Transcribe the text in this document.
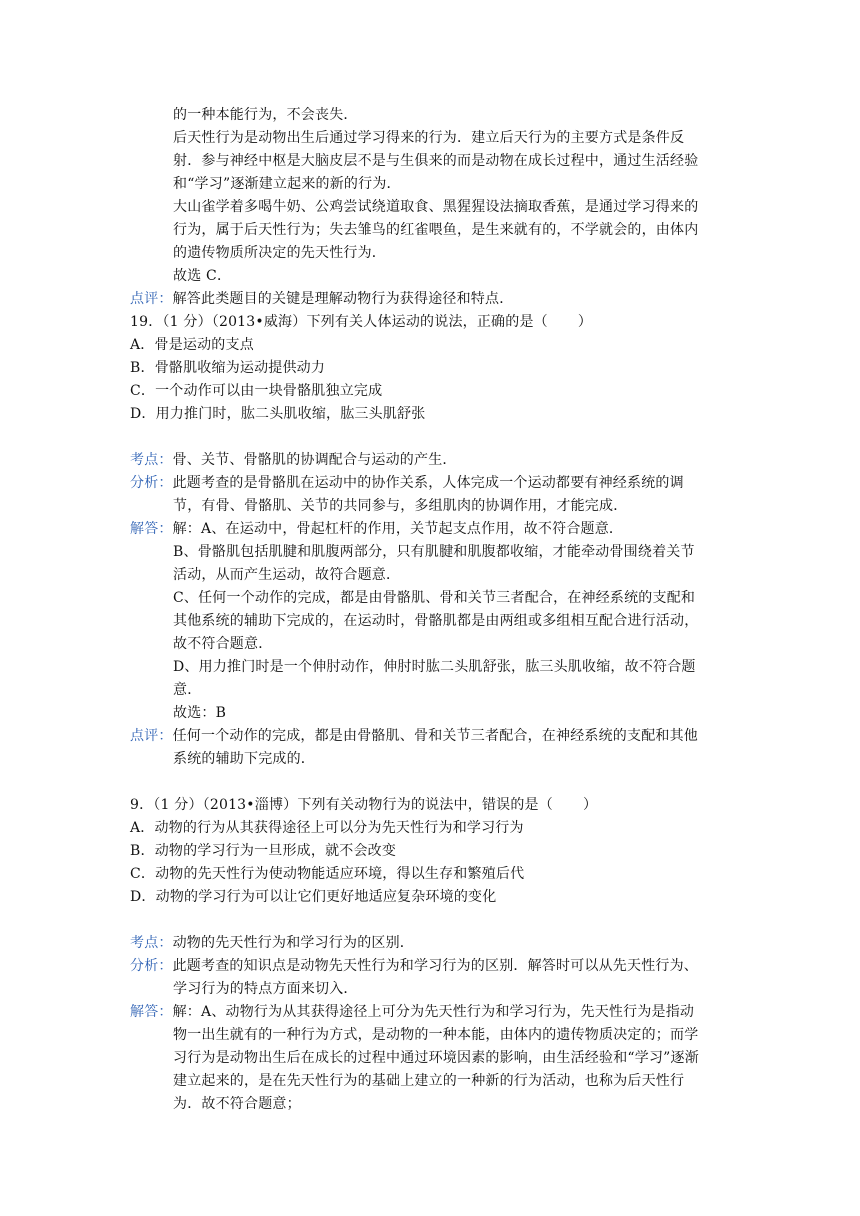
的一种本能行为，不会丧失．
后天性行为是动物出生后通过学习得来的行为．建立后天行为的主要方式是条件反
射．参与神经中枢是大脑皮层不是与生俱来的而是动物在成长过程中，通过生活经验
和“学习”逐渐建立起来的新的行为．
大山雀学着多喝牛奶、公鸡尝试绕道取食、黑猩猩设法摘取香蕉，是通过学习得来的
行为，属于后天性行为；失去雏鸟的红雀喂鱼，是生来就有的，不学就会的，由体内
的遗传物质所决定的先天性行为．
故选 C．
点评：解答此类题目的关键是理解动物行为获得途径和特点．
19．（1 分）（2013•威海）下列有关人体运动的说法，正确的是（ ）
A．骨是运动的支点
B．骨骼肌收缩为运动提供动力
C．一个动作可以由一块骨骼肌独立完成
D．用力推门时，肱二头肌收缩，肱三头肌舒张
考点：骨、关节、骨骼肌的协调配合与运动的产生．
分析：此题考查的是骨骼肌在运动中的协作关系，人体完成一个运动都要有神经系统的调
节，有骨、骨骼肌、关节的共同参与，多组肌肉的协调作用，才能完成．
解答：解：A、在运动中，骨起杠杆的作用，关节起支点作用，故不符合题意．
B、骨骼肌包括肌腱和肌腹两部分，只有肌腱和肌腹都收缩，才能牵动骨围绕着关节
活动，从而产生运动，故符合题意．
C、任何一个动作的完成，都是由骨骼肌、骨和关节三者配合，在神经系统的支配和
其他系统的辅助下完成的，在运动时，骨骼肌都是由两组或多组相互配合进行活动，
故不符合题意．
D、用力推门时是一个伸肘动作，伸肘时肱二头肌舒张，肱三头肌收缩，故不符合题
意．
故选：B
点评：任何一个动作的完成，都是由骨骼肌、骨和关节三者配合，在神经系统的支配和其他
系统的辅助下完成的．
9．（1 分）（2013•淄博）下列有关动物行为的说法中，错误的是（ ）
A．动物的行为从其获得途径上可以分为先天性行为和学习行为
B．动物的学习行为一旦形成，就不会改变
C．动物的先天性行为使动物能适应环境，得以生存和繁殖后代
D．动物的学习行为可以让它们更好地适应复杂环境的变化
考点：动物的先天性行为和学习行为的区别．
分析：此题考查的知识点是动物先天性行为和学习行为的区别．解答时可以从先天性行为、
学习行为的特点方面来切入．
解答：解：A、动物行为从其获得途径上可分为先天性行为和学习行为，先天性行为是指动
物一出生就有的一种行为方式，是动物的一种本能，由体内的遗传物质决定的；而学
习行为是动物出生后在成长的过程中通过环境因素的影响，由生活经验和“学习”逐渐
建立起来的，是在先天性行为的基础上建立的一种新的行为活动，也称为后天性行
为．故不符合题意；
